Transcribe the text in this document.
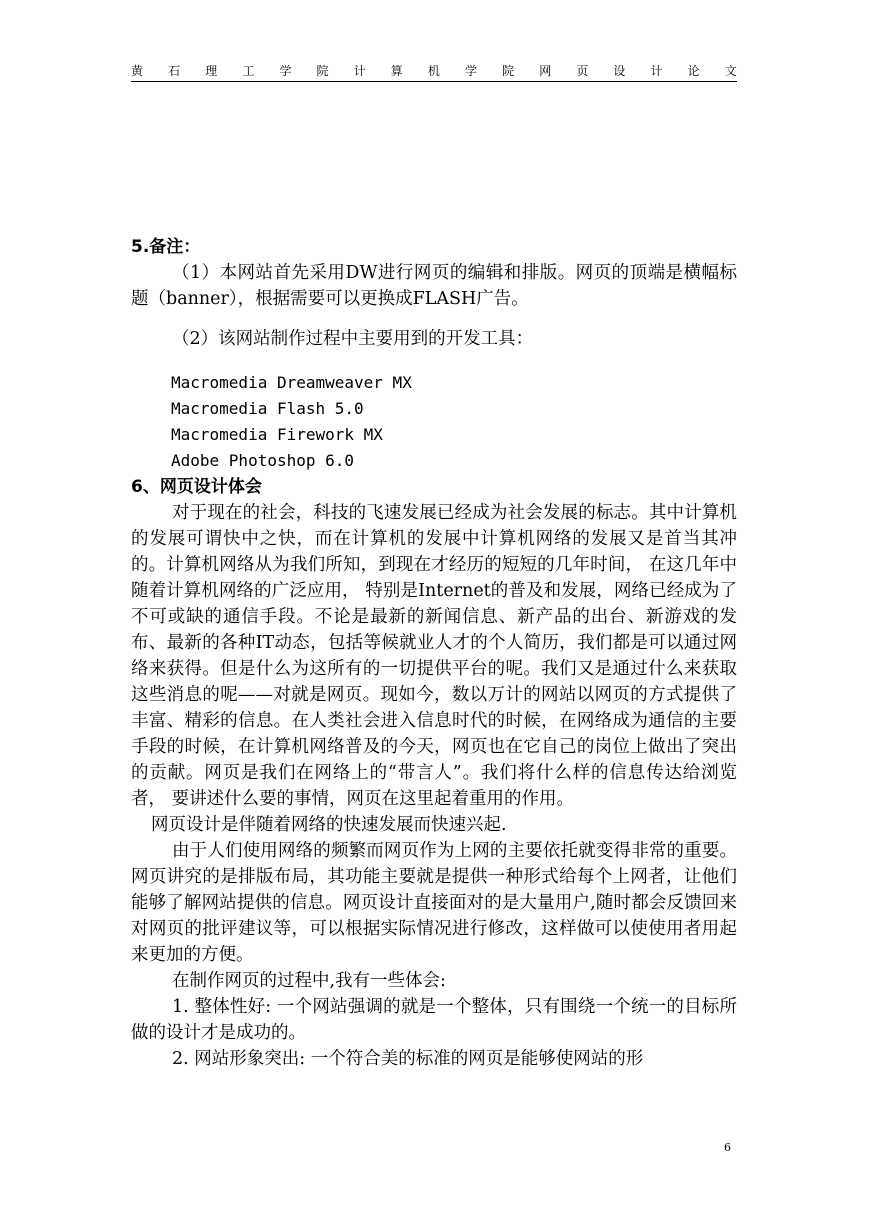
黄 石 理 工 学 院 计 算 机 学 院 网 页 设 计 论 文

5.备注：

（1）本网站首先采用DW进行网页的编辑和排版。网页的顶端是横幅标题（banner），根据需要可以更换成FLASH广告。

（2）该网站制作过程中主要用到的开发工具：

Macromedia Dreamweaver MX

Macromedia Flash 5.0

Macromedia Firework MX

Adobe Photoshop 6.0

6、网页设计体会

对于现在的社会，科技的飞速发展已经成为社会发展的标志。其中计算机的发展可谓快中之快，而在计算机的发展中计算机网络的发展又是首当其冲的。计算机网络从为我们所知，到现在才经历的短短的几年时间， 在这几年中随着计算机网络的广泛应用， 特别是Internet的普及和发展，网络已经成为了不可或缺的通信手段。不论是最新的新闻信息、新产品的出台、新游戏的发布、最新的各种IT动态，包括等候就业人才的个人简历，我们都是可以通过网络来获得。但是什么为这所有的一切提供平台的呢。我们又是通过什么来获取这些消息的呢——对就是网页。现如今，数以万计的网站以网页的方式提供了丰富、精彩的信息。在人类社会进入信息时代的时候，在网络成为通信的主要手段的时候，在计算机网络普及的今天，网页也在它自己的岗位上做出了突出的贡献。网页是我们在网络上的“带言人”。我们将什么样的信息传达给浏览者， 要讲述什么要的事情，网页在这里起着重用的作用。

网页设计是伴随着网络的快速发展而快速兴起.

由于人们使用网络的频繁而网页作为上网的主要依托就变得非常的重要。网页讲究的是排版布局，其功能主要就是提供一种形式给每个上网者，让他们能够了解网站提供的信息。网页设计直接面对的是大量用户,随时都会反馈回来对网页的批评建议等，可以根据实际情况进行修改，这样做可以使使用者用起来更加的方便。

在制作网页的过程中,我有一些体会:

1. 整体性好: 一个网站强调的就是一个整体，只有围绕一个统一的目标所做的设计才是成功的。

2. 网站形象突出: 一个符合美的标准的网页是能够使网站的形

6
